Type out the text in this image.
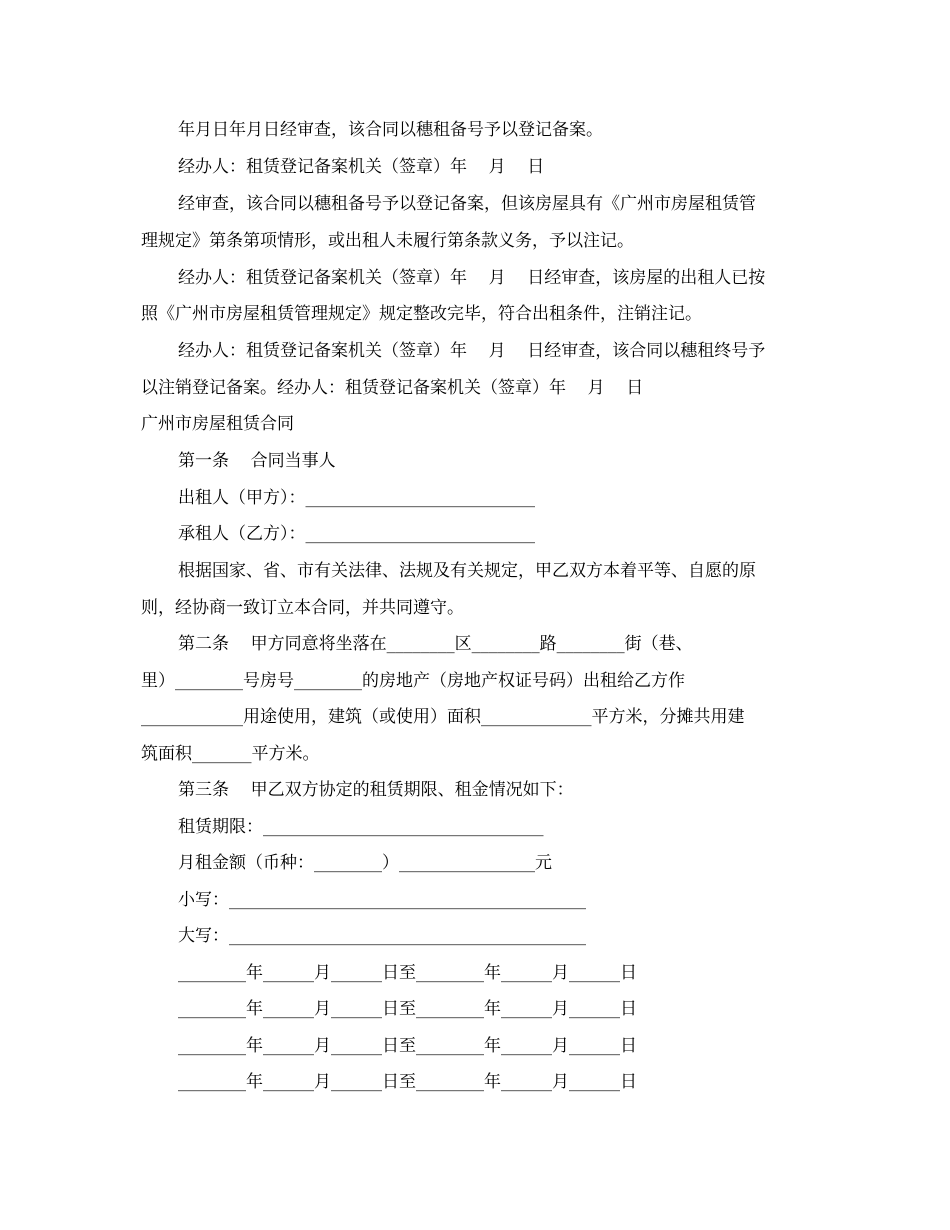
年月日年月日经审查，该合同以穗租备号予以登记备案。
经办人：租赁登记备案机关（签章）年    月    日
经审查，该合同以穗租备号予以登记备案，但该房屋具有《广州市房屋租赁管
理规定》第条第项情形，或出租人未履行第条款义务，予以注记。
经办人：租赁登记备案机关（签章）年    月    日经审查，该房屋的出租人已按
照《广州市房屋租赁管理规定》规定整改完毕，符合出租条件，注销注记。
经办人：租赁登记备案机关（签章）年    月    日经审查，该合同以穗租终号予
以注销登记备案。经办人：租赁登记备案机关（签章）年    月    日
广州市房屋租赁合同
第一条    合同当事人
出租人（甲方）：___________________________
承租人（乙方）：___________________________
根据国家、省、市有关法律、法规及有关规定，甲乙双方本着平等、自愿的原
则，经协商一致订立本合同，并共同遵守。
第二条    甲方同意将坐落在________区________路________街（巷、
里）________号房号________的房地产（房地产权证号码）出租给乙方作
____________用途使用，建筑（或使用）面积_____________平方米，分摊共用建
筑面积_______平方米。
第三条    甲乙双方协定的租赁期限、租金情况如下：
租赁期限：_________________________________
月租金额（币种：________）________________元
小写：__________________________________________
大写：__________________________________________
________年______月______日至________年______月______日
________年______月______日至________年______月______日
________年______月______日至________年______月______日
________年______月______日至________年______月______日
